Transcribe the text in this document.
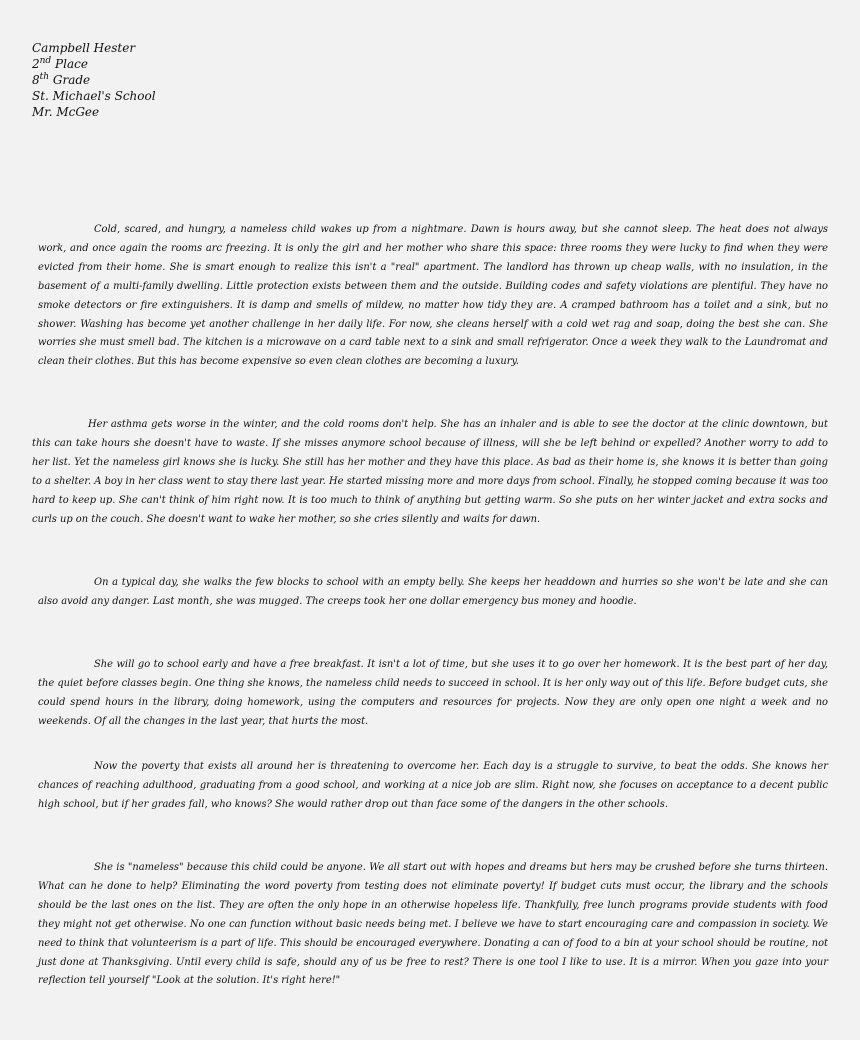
Campbell Hester
2nd Place
8th Grade
St. Michael's School
Mr. McGee

Cold, scared, and hungry, a nameless child wakes up from a nightmare. Dawn is hours away, but she cannot sleep. The heat does not always work, and once again the rooms arc freezing. It is only the girl and her mother who share this space: three rooms they were lucky to find when they were evicted from their home. She is smart enough to realize this isn't a "real" apartment. The landlord has thrown up cheap walls, with no insulation, in the basement of a multi-family dwelling. Little protection exists between them and the outside. Building codes and safety violations are plentiful. They have no smoke detectors or fire extinguishers. It is damp and smells of mildew, no matter how tidy they are. A cramped bathroom has a toilet and a sink, but no shower. Washing has become yet another challenge in her daily life. For now, she cleans herself with a cold wet rag and soap, doing the best she can. She worries she must smell bad. The kitchen is a microwave on a card table next to a sink and small refrigerator. Once a week they walk to the Laundromat and clean their clothes. But this has become expensive so even clean clothes are becoming a luxury.

Her asthma gets worse in the winter, and the cold rooms don't help. She has an inhaler and is able to see the doctor at the clinic downtown, but this can take hours she doesn't have to waste. If she misses anymore school because of illness, will she be left behind or expelled? Another worry to add to her list. Yet the nameless girl knows she is lucky. She still has her mother and they have this place. As bad as their home is, she knows it is better than going to a shelter. A boy in her class went to stay there last year. He started missing more and more days from school. Finally, he stopped coming because it was too hard to keep up. She can't think of him right now. It is too much to think of anything but getting warm. So she puts on her winter jacket and extra socks and curls up on the couch. She doesn't want to wake her mother, so she cries silently and waits for dawn.

On a typical day, she walks the few blocks to school with an empty belly. She keeps her headdown and hurries so she won't be late and she can also avoid any danger. Last month, she was mugged. The creeps took her one dollar emergency bus money and hoodie.

She will go to school early and have a free breakfast. It isn't a lot of time, but she uses it to go over her homework. It is the best part of her day, the quiet before classes begin. One thing she knows, the nameless child needs to succeed in school. It is her only way out of this life. Before budget cuts, she could spend hours in the library, doing homework, using the computers and resources for projects. Now they are only open one night a week and no weekends. Of all the changes in the last year, that hurts the most.

Now the poverty that exists all around her is threatening to overcome her. Each day is a struggle to survive, to beat the odds. She knows her chances of reaching adulthood, graduating from a good school, and working at a nice job are slim. Right now, she focuses on acceptance to a decent public high school, but if her grades fall, who knows? She would rather drop out than face some of the dangers in the other schools.

She is "nameless" because this child could be anyone. We all start out with hopes and dreams but hers may be crushed before she turns thirteen. What can he done to help? Eliminating the word poverty from testing does not eliminate poverty! If budget cuts must occur, the library and the schools should be the last ones on the list. They are often the only hope in an otherwise hopeless life. Thankfully, free lunch programs provide students with food they might not get otherwise. No one can function without basic needs being met. I believe we have to start encouraging care and compassion in society. We need to think that volunteerism is a part of life. This should be encouraged everywhere. Donating a can of food to a bin at your school should be routine, not just done at Thanksgiving. Until every child is safe, should any of us be free to rest? There is one tool I like to use. It is a mirror. When you gaze into your reflection tell yourself "Look at the solution. It's right here!"
